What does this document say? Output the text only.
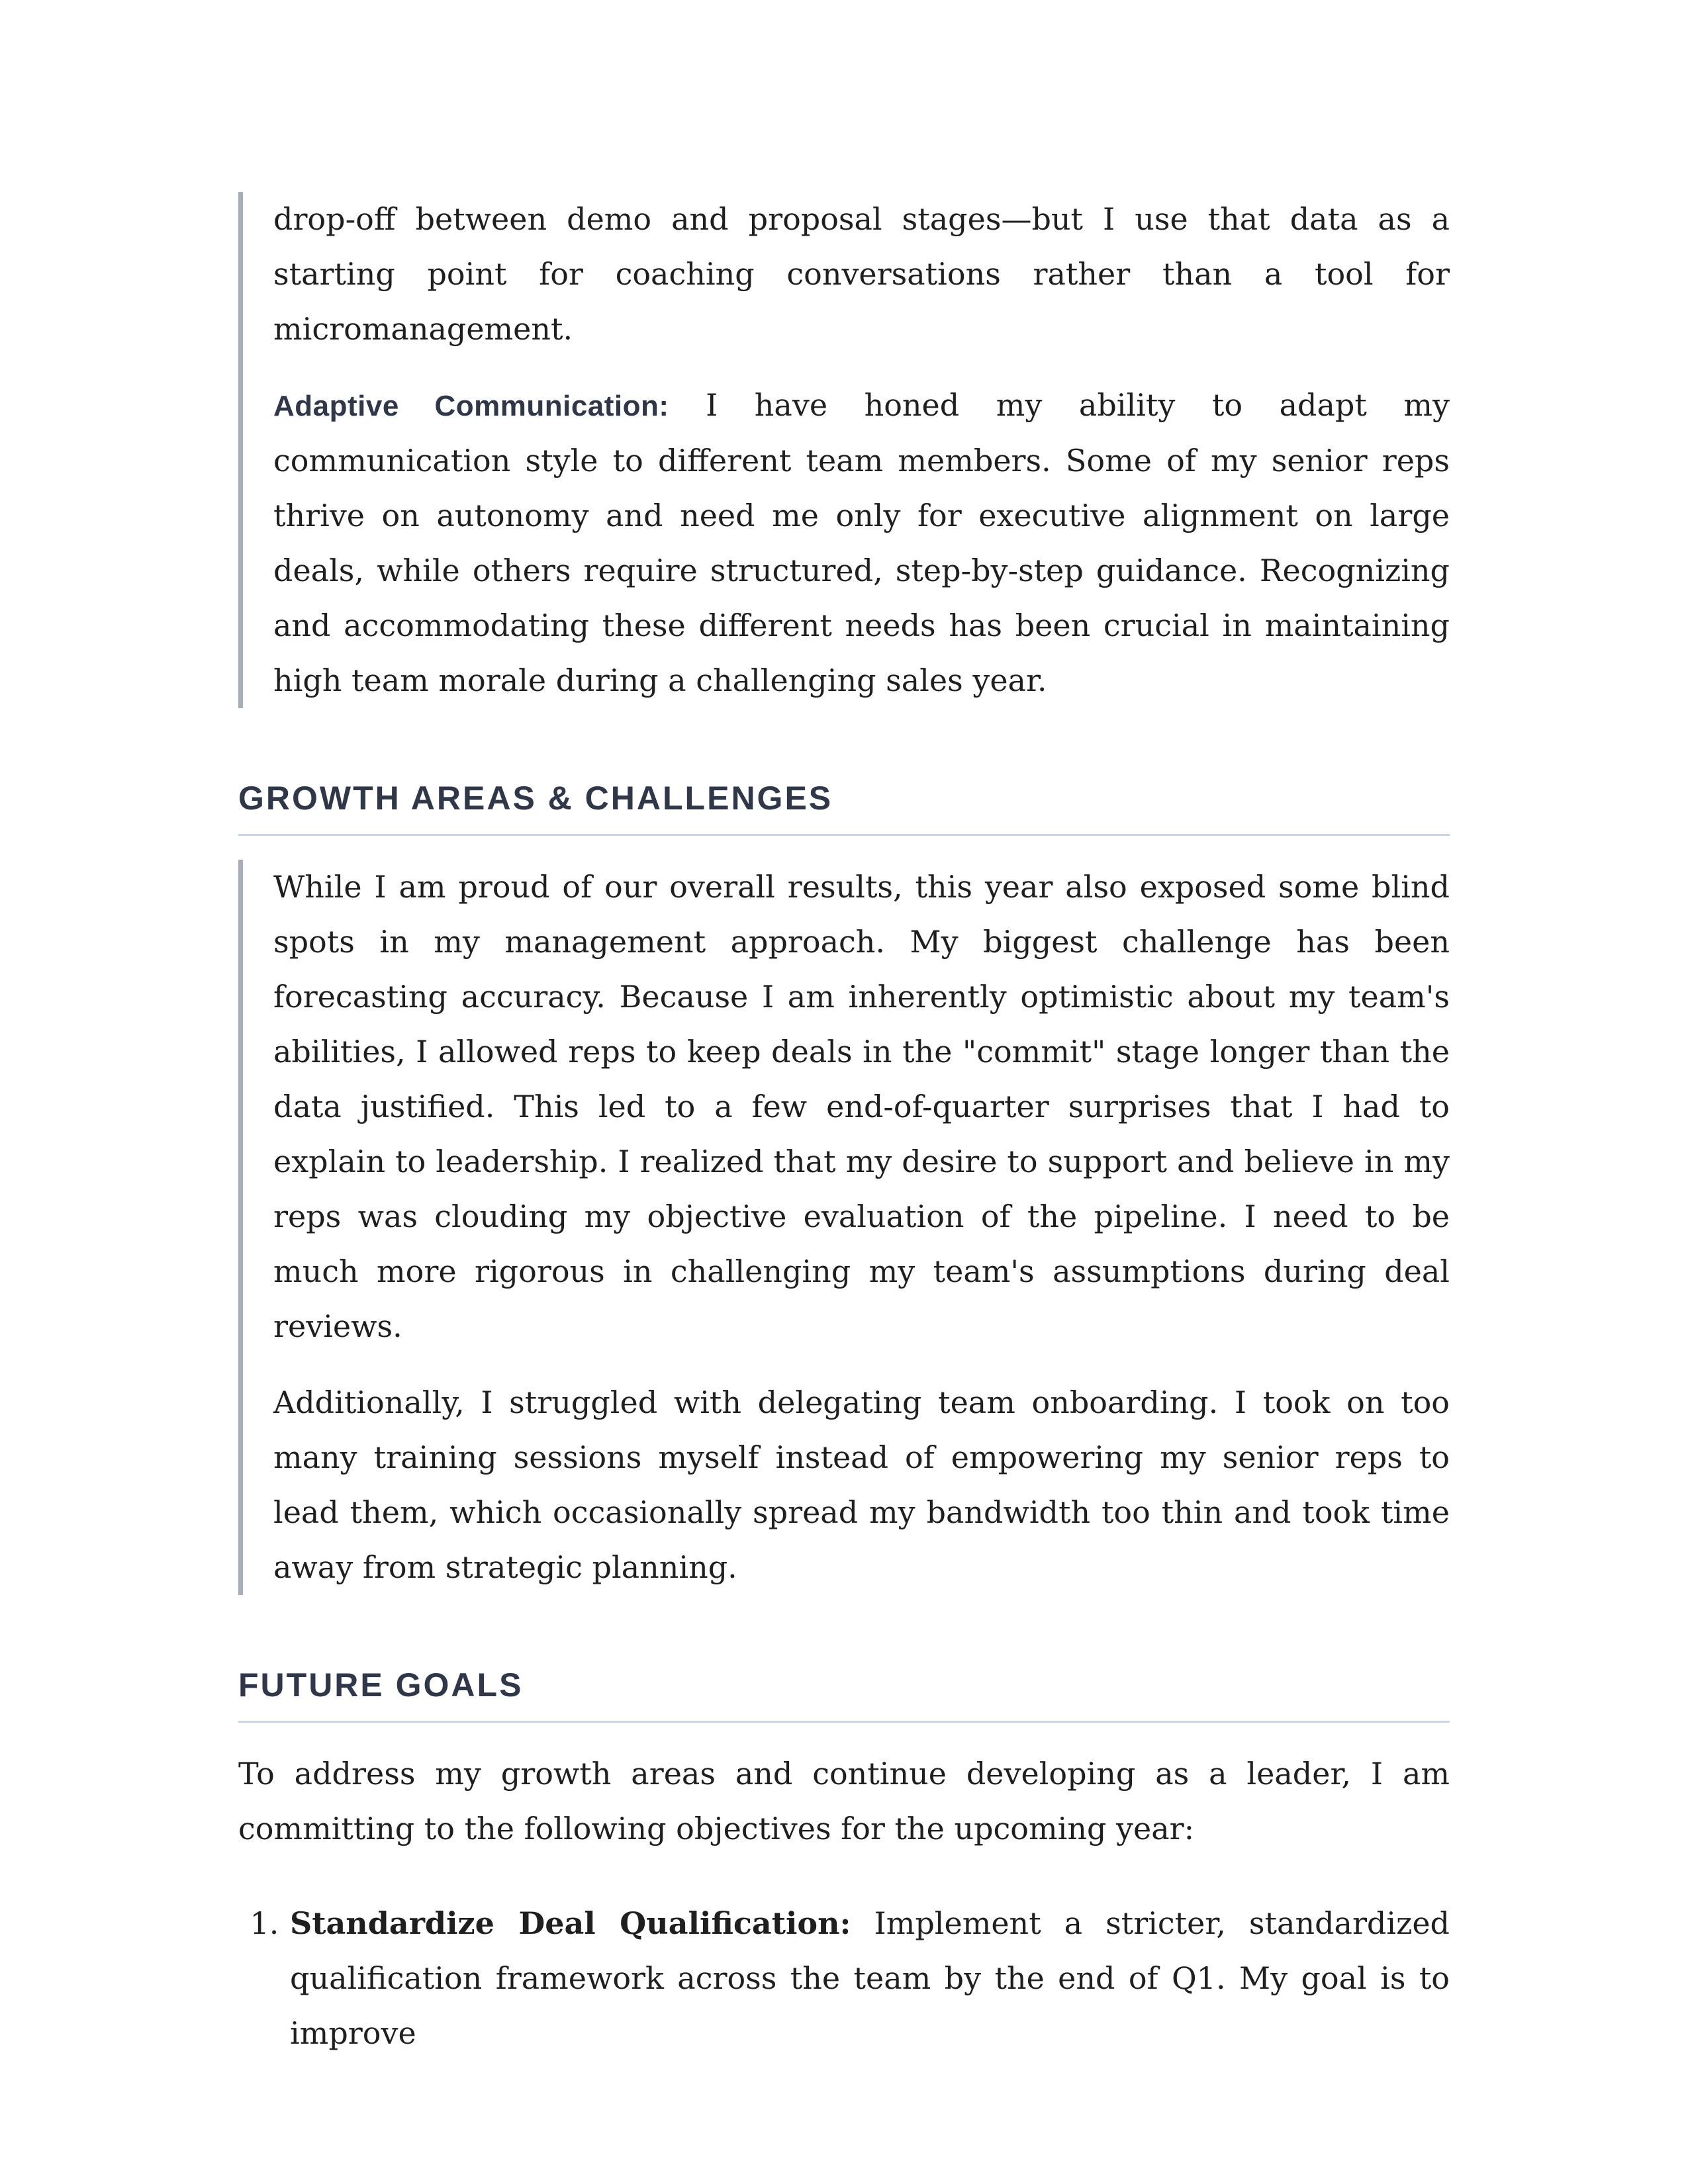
drop-off between demo and proposal stages—but I use that data as a starting point for coaching conversations rather than a tool for micromanagement.

Adaptive Communication: I have honed my ability to adapt my communication style to different team members. Some of my senior reps thrive on autonomy and need me only for executive alignment on large deals, while others require structured, step-by-step guidance. Recognizing and accommodating these different needs has been crucial in maintaining high team morale during a challenging sales year.

GROWTH AREAS & CHALLENGES

While I am proud of our overall results, this year also exposed some blind spots in my management approach. My biggest challenge has been forecasting accuracy. Because I am inherently optimistic about my team's abilities, I allowed reps to keep deals in the "commit" stage longer than the data justified. This led to a few end-of-quarter surprises that I had to explain to leadership. I realized that my desire to support and believe in my reps was clouding my objective evaluation of the pipeline. I need to be much more rigorous in challenging my team's assumptions during deal reviews.

Additionally, I struggled with delegating team onboarding. I took on too many training sessions myself instead of empowering my senior reps to lead them, which occasionally spread my bandwidth too thin and took time away from strategic planning.

FUTURE GOALS

To address my growth areas and continue developing as a leader, I am committing to the following objectives for the upcoming year:

1. Standardize Deal Qualification: Implement a stricter, standardized qualification framework across the team by the end of Q1. My goal is to improve
